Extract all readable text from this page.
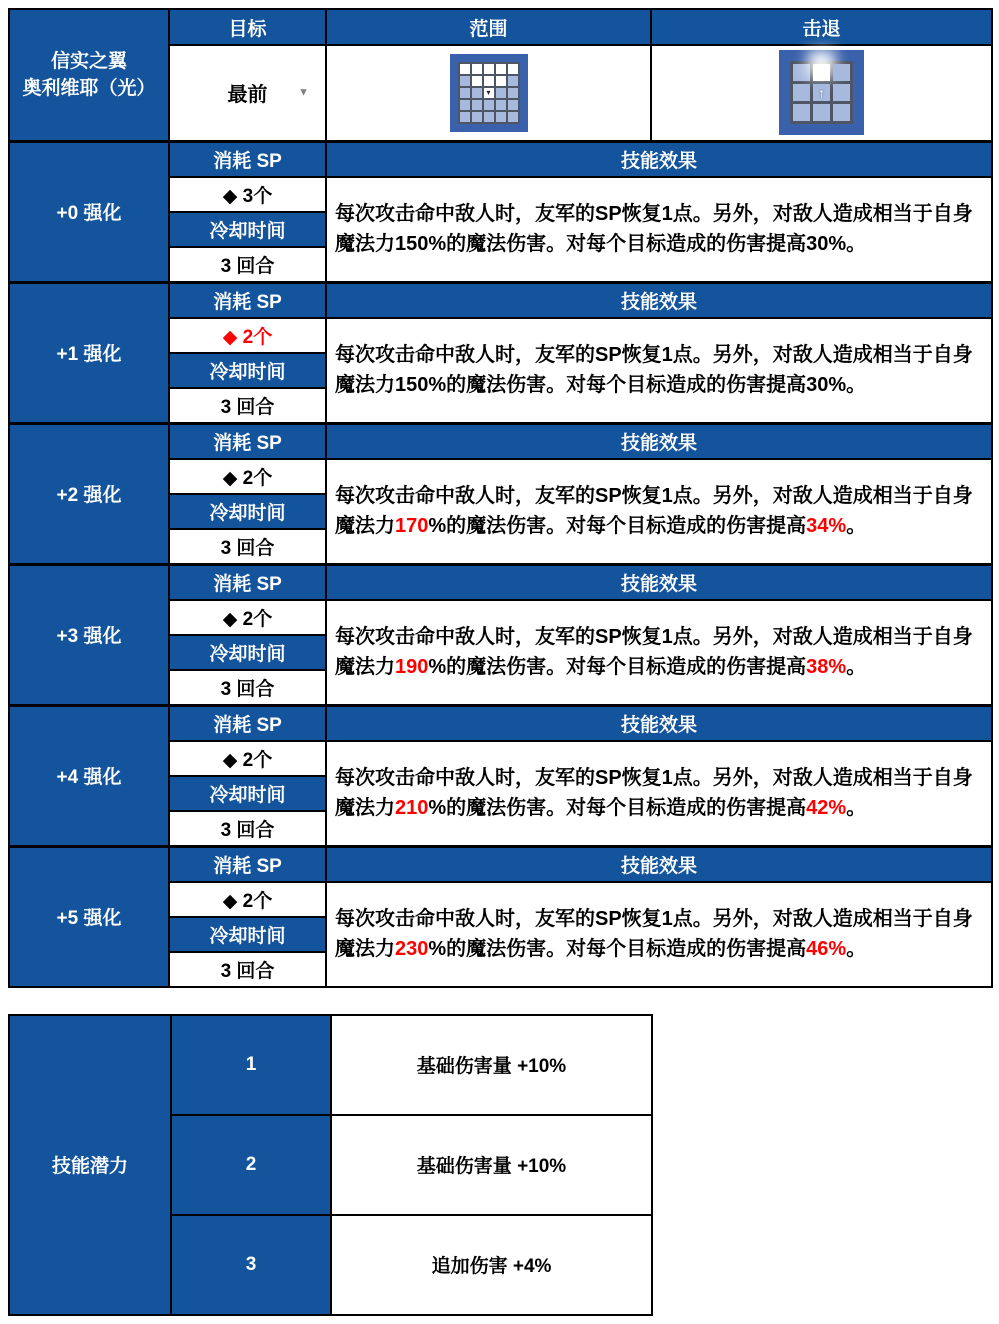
信实之翼
奥利维耶（光）	目标	范围	击退

	最前 ▼	▾	↑

+0 强化	消耗 SP	技能效果	
	◆ 3个	每次攻击命中敌人时，友军的SP恢复1点。另外，对敌人造成相当于自身魔法力150%的魔法伤害。对每个目标造成的伤害提高30%。	
	冷却时间		
	3 回合		
+1 强化	消耗 SP	技能效果	
	◆ 2个	每次攻击命中敌人时，友军的SP恢复1点。另外，对敌人造成相当于自身魔法力150%的魔法伤害。对每个目标造成的伤害提高30%。	
	冷却时间		
	3 回合		
+2 强化	消耗 SP	技能效果	
	◆ 2个	每次攻击命中敌人时，友军的SP恢复1点。另外，对敌人造成相当于自身魔法力170%的魔法伤害。对每个目标造成的伤害提高34%。	
	冷却时间		
	3 回合		
+3 强化	消耗 SP	技能效果	
	◆ 2个	每次攻击命中敌人时，友军的SP恢复1点。另外，对敌人造成相当于自身魔法力190%的魔法伤害。对每个目标造成的伤害提高38%。	
	冷却时间		
	3 回合		
+4 强化	消耗 SP	技能效果	
	◆ 2个	每次攻击命中敌人时，友军的SP恢复1点。另外，对敌人造成相当于自身魔法力210%的魔法伤害。对每个目标造成的伤害提高42%。	
	冷却时间		
	3 回合		
+5 强化	消耗 SP	技能效果	
	◆ 2个	每次攻击命中敌人时，友军的SP恢复1点。另外，对敌人造成相当于自身魔法力230%的魔法伤害。对每个目标造成的伤害提高46%。	
	冷却时间		
	3 回合		
技能潜力	1	基础伤害量 +10%
	2	基础伤害量 +10%
	3	追加伤害 +4%
